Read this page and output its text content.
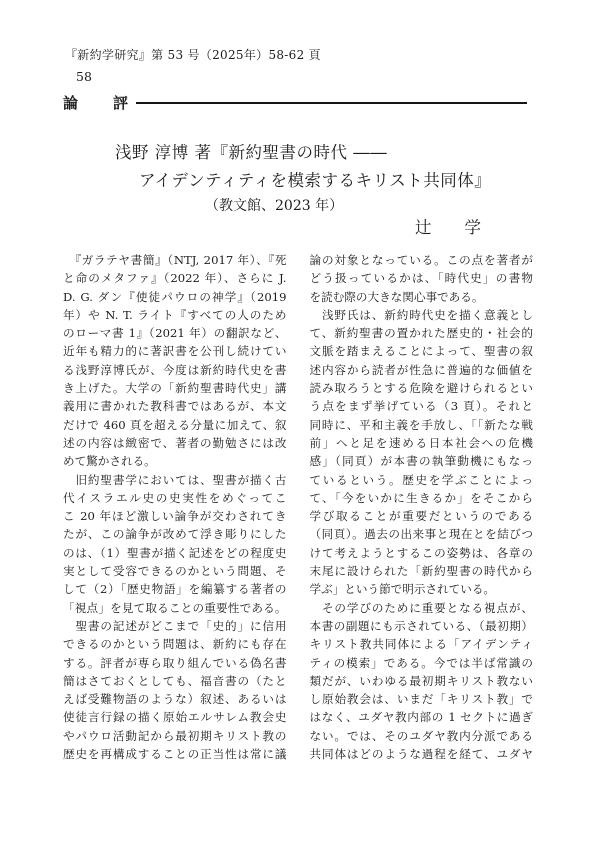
『新約学研究』第 53 号（2025年）58-62 頁
58
論 評
浅野 淳博 著『新約聖書の時代 ――
アイデンティティを模索するキリスト共同体』
（教文館、2023 年）
辻 学
　『ガラテヤ書簡』（NTJ, 2017 年）、『死
と命のメタファ』（2022 年）、さらに J.
D. G. ダン『使徒パウロの神学』（2019
年）や N. T. ライト『すべての人のため
のローマ書 1』（2021 年）の翻訳など、
近年も精力的に著訳書を公刊し続けてい
る浅野淳博氏が、今度は新約時代史を書
き上げた。大学の「新約聖書時代史」講
義用に書かれた教科書ではあるが、本文
だけで 460 頁を超える分量に加えて、叙
述の内容は緻密で、著者の勤勉さには改
めて驚かされる。
　旧約聖書学においては、聖書が描く古
代イスラエル史の史実性をめぐってこ
こ 20 年ほど激しい論争が交わされてき
たが、この論争が改めて浮き彫りにした
のは、（1）聖書が描く記述をどの程度史
実として受容できるのかという問題、そ
して（2）「歴史物語」を編纂する著者の
「視点」を見て取ることの重要性である。
　聖書の記述がどこまで「史的」に信用
できるのかという問題は、新約にも存在
する。評者が専ら取り組んでいる偽名書
簡はさておくとしても、福音書の（たと
えば受難物語のような）叙述、あるいは
使徒言行録の描く原始エルサレム教会史
やパウロ活動記から最初期キリスト教の
歴史を再構成することの正当性は常に議
論の対象となっている。この点を著者が
どう扱っているかは、「時代史」の書物
を読む際の大きな関心事である。
　浅野氏は、新約時代史を描く意義とし
て、新約聖書の置かれた歴史的・社会的
文脈を踏まえることによって、聖書の叙
述内容から読者が性急に普遍的な価値を
読み取ろうとする危険を避けられるとい
う点をまず挙げている（3 頁）。それと
同時に、平和主義を手放し、「「新たな戦
前」へと足を速める日本社会への危機
感」（同頁）が本書の執筆動機にもなっ
ているという。歴史を学ぶことによっ
て、「今をいかに生きるか」をそこから
学び取ることが重要だというのである
（同頁）。過去の出来事と現在とを結びつ
けて考えようとするこの姿勢は、各章の
末尾に設けられた「新約聖書の時代から
学ぶ」という節で明示されている。
　その学びのために重要となる視点が、
本書の副題にも示されている、（最初期）
キリスト教共同体による「アイデンティ
ティの模索」である。今では半ば常識の
類だが、いわゆる最初期キリスト教ない
し原始教会は、いまだ「キリスト教」で
はなく、ユダヤ教内部の 1 セクトに過ぎ
ない。では、そのユダヤ教内分派である
共同体はどのような過程を経て、ユダヤ
